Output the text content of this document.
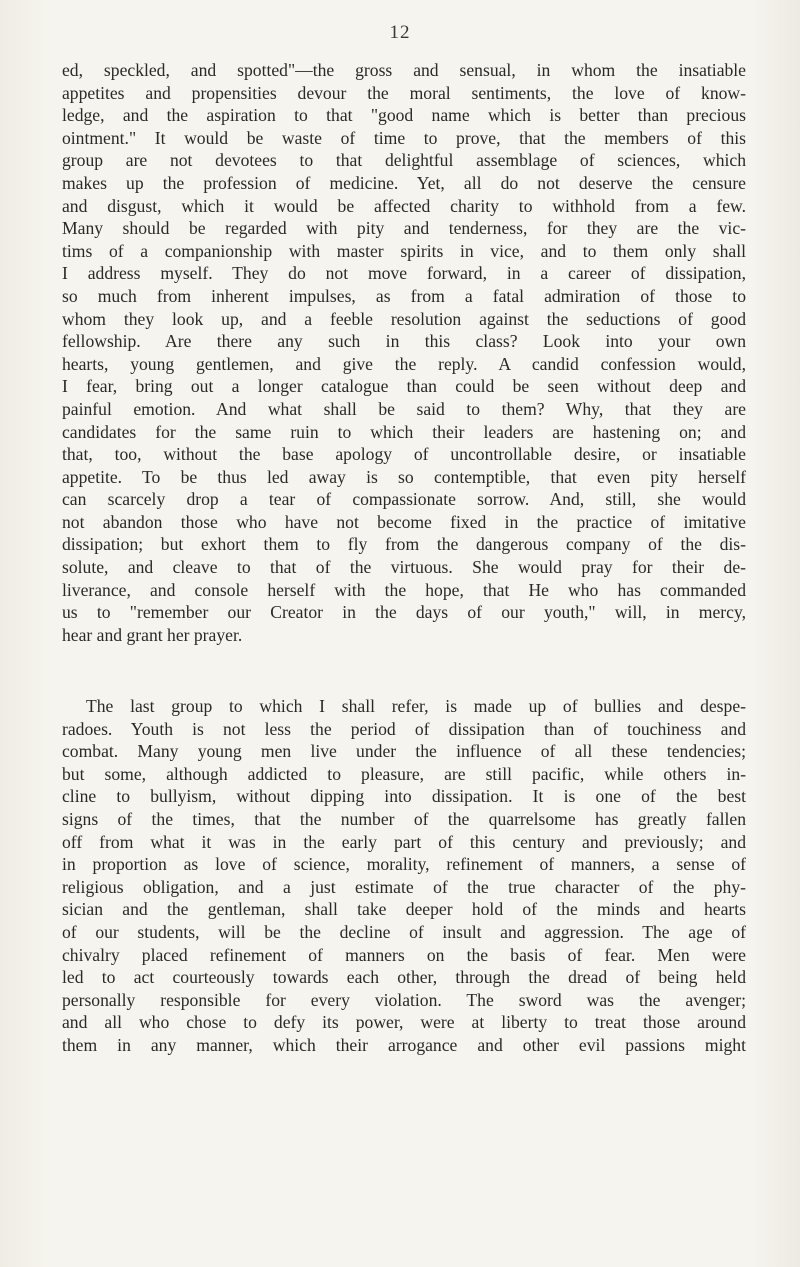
12
ed, speckled, and spotted"—the gross and sensual, in whom the insatiable
appetites and propensities devour the moral sentiments, the love of know-
ledge, and the aspiration to that "good name which is better than precious
ointment." It would be waste of time to prove, that the members of this
group are not devotees to that delightful assemblage of sciences, which
makes up the profession of medicine. Yet, all do not deserve the censure
and disgust, which it would be affected charity to withhold from a few.
Many should be regarded with pity and tenderness, for they are the vic-
tims of a companionship with master spirits in vice, and to them only shall
I address myself. They do not move forward, in a career of dissipation,
so much from inherent impulses, as from a fatal admiration of those to
whom they look up, and a feeble resolution against the seductions of good
fellowship. Are there any such in this class? Look into your own
hearts, young gentlemen, and give the reply. A candid confession would,
I fear, bring out a longer catalogue than could be seen without deep and
painful emotion. And what shall be said to them? Why, that they are
candidates for the same ruin to which their leaders are hastening on; and
that, too, without the base apology of uncontrollable desire, or insatiable
appetite. To be thus led away is so contemptible, that even pity herself
can scarcely drop a tear of compassionate sorrow. And, still, she would
not abandon those who have not become fixed in the practice of imitative
dissipation; but exhort them to fly from the dangerous company of the dis-
solute, and cleave to that of the virtuous. She would pray for their de-
liverance, and console herself with the hope, that He who has commanded
us to "remember our Creator in the days of our youth," will, in mercy,
hear and grant her prayer.
The last group to which I shall refer, is made up of bullies and despe-
radoes. Youth is not less the period of dissipation than of touchiness and
combat. Many young men live under the influence of all these tendencies;
but some, although addicted to pleasure, are still pacific, while others in-
cline to bullyism, without dipping into dissipation. It is one of the best
signs of the times, that the number of the quarrelsome has greatly fallen
off from what it was in the early part of this century and previously; and
in proportion as love of science, morality, refinement of manners, a sense of
religious obligation, and a just estimate of the true character of the phy-
sician and the gentleman, shall take deeper hold of the minds and hearts
of our students, will be the decline of insult and aggression. The age of
chivalry placed refinement of manners on the basis of fear. Men were
led to act courteously towards each other, through the dread of being held
personally responsible for every violation. The sword was the avenger;
and all who chose to defy its power, were at liberty to treat those around
them in any manner, which their arrogance and other evil passions might
